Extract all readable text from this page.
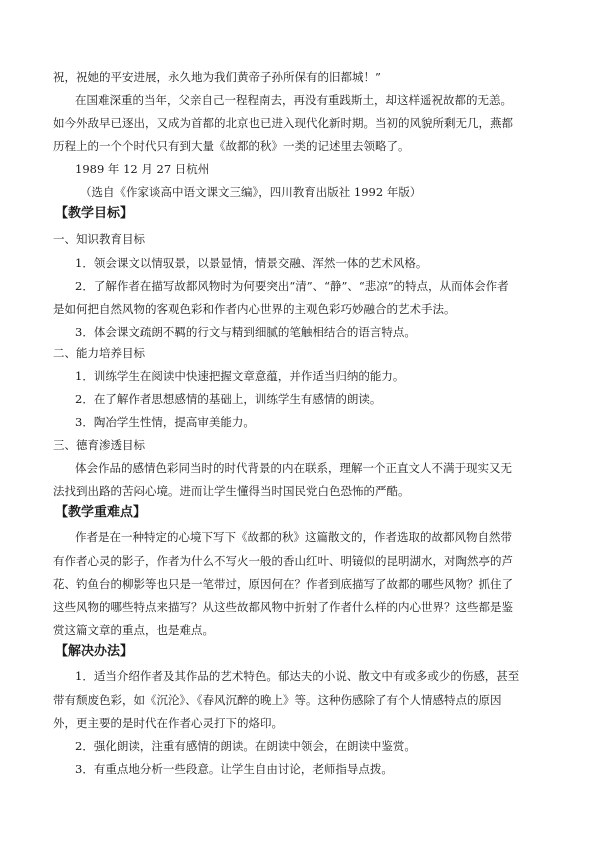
祝，祝她的平安进展，永久地为我们黄帝子孙所保有的旧都城！”
在国难深重的当年，父亲自己一程程南去，再没有重践斯土，却这样遥祝故都的无恙。
如今外敌早已逐出，又成为首都的北京也已进入现代化新时期。当初的风貌所剩无几，燕都
历程上的一个个时代只有到大量《故都的秋》一类的记述里去领略了。
1989 年 12 月 27 日杭州
（选自《作家谈高中语文课文三编》，四川教育出版社 1992 年版）
【教学目标】
一、知识教育目标
1．领会课文以情驭景，以景显情，情景交融、浑然一体的艺术风格。
2．了解作者在描写故都风物时为何要突出“清”、“静”、“悲凉”的特点，从而体会作者
是如何把自然风物的客观色彩和作者内心世界的主观色彩巧妙融合的艺术手法。
3．体会课文疏朗不羁的行文与精到细腻的笔触相结合的语言特点。
二、能力培养目标
1．训练学生在阅读中快速把握文章意蕴，并作适当归纳的能力。
2．在了解作者思想感情的基础上，训练学生有感情的朗读。
3．陶冶学生性情，提高审美能力。
三、德育渗透目标
体会作品的感情色彩同当时的时代背景的内在联系，理解一个正直文人不满于现实又无
法找到出路的苦闷心境。进而让学生懂得当时国民党白色恐怖的严酷。
【教学重难点】
作者是在一种特定的心境下写下《故都的秋》这篇散文的，作者选取的故都风物自然带
有作者心灵的影子，作者为什么不写火一般的香山红叶、明镜似的昆明湖水，对陶然亭的芦
花、钓鱼台的柳影等也只是一笔带过，原因何在？作者到底描写了故都的哪些风物？抓住了
这些风物的哪些特点来描写？从这些故都风物中折射了作者什么样的内心世界？这些都是鉴
赏这篇文章的重点，也是难点。
【解决办法】
1．适当介绍作者及其作品的艺术特色。郁达夫的小说、散文中有或多或少的伤感，甚至
带有颓废色彩，如《沉沦》、《春风沉醉的晚上》等。这种伤感除了有个人情感特点的原因
外，更主要的是时代在作者心灵打下的烙印。
2．强化朗读，注重有感情的朗读。在朗读中领会，在朗读中鉴赏。
3．有重点地分析一些段意。让学生自由讨论，老师指导点拨。
